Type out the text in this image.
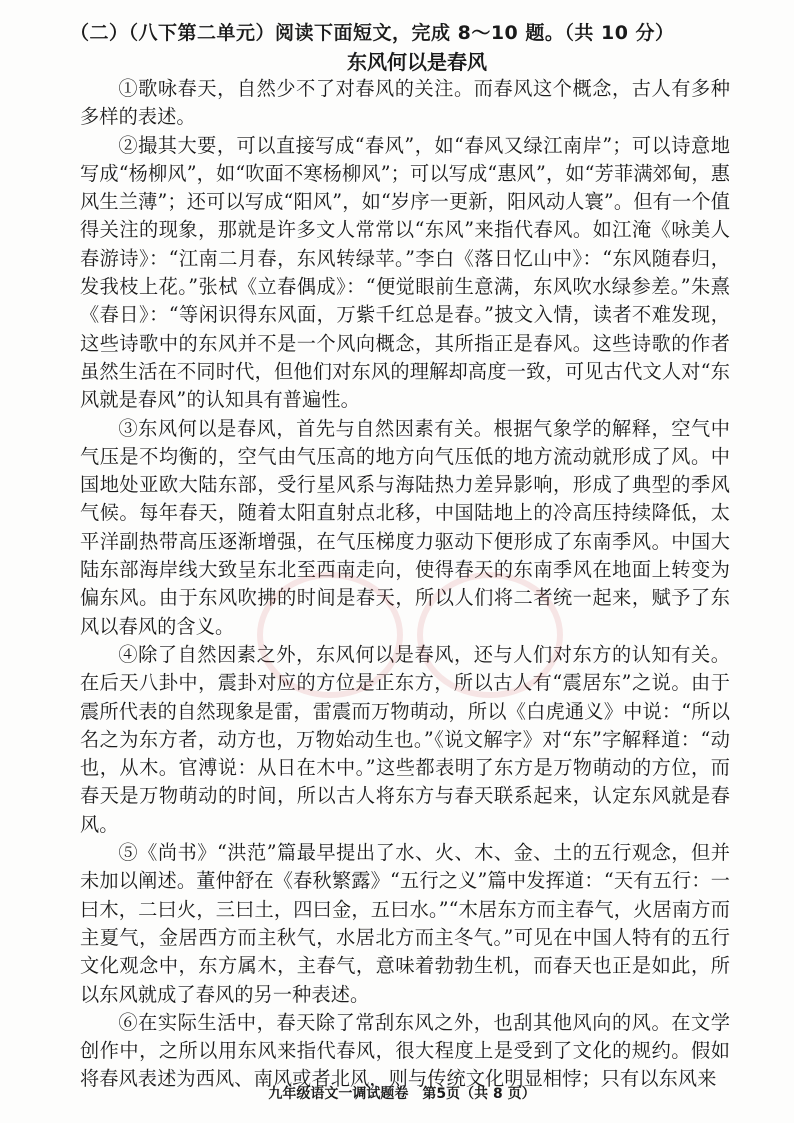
（二）（八下第二单元）阅读下面短文，完成 8～10 题。（共 10 分）
东风何以是春风

①歌咏春天，自然少不了对春风的关注。而春风这个概念，古人有多种多样的表述。

②撮其大要，可以直接写成“春风”，如“春风又绿江南岸”；可以诗意地写成“杨柳风”，如“吹面不寒杨柳风”；可以写成“惠风”，如“芳菲满郊甸，惠风生兰薄”；还可以写成“阳风”，如“岁序一更新，阳风动人寰”。但有一个值得关注的现象，那就是许多文人常常以“东风”来指代春风。如江淹《咏美人春游诗》：“江南二月春，东风转绿苹。”李白《落日忆山中》：“东风随春归，发我枝上花。”张栻《立春偶成》：“便觉眼前生意满，东风吹水绿参差。”朱熹《春日》：“等闲识得东风面，万紫千红总是春。”披文入情，读者不难发现，这些诗歌中的东风并不是一个风向概念，其所指正是春风。这些诗歌的作者虽然生活在不同时代，但他们对东风的理解却高度一致，可见古代文人对“东风就是春风”的认知具有普遍性。

③东风何以是春风，首先与自然因素有关。根据气象学的解释，空气中气压是不均衡的，空气由气压高的地方向气压低的地方流动就形成了风。中国地处亚欧大陆东部，受行星风系与海陆热力差异影响，形成了典型的季风气候。每年春天，随着太阳直射点北移，中国陆地上的冷高压持续降低，太平洋副热带高压逐渐增强，在气压梯度力驱动下便形成了东南季风。中国大陆东部海岸线大致呈东北至西南走向，使得春天的东南季风在地面上转变为偏东风。由于东风吹拂的时间是春天，所以人们将二者统一起来，赋予了东风以春风的含义。

④除了自然因素之外，东风何以是春风，还与人们对东方的认知有关。在后天八卦中，震卦对应的方位是正东方，所以古人有“震居东”之说。由于震所代表的自然现象是雷，雷震而万物萌动，所以《白虎通义》中说：“所以名之为东方者，动方也，万物始动生也。”《说文解字》对“东”字解释道：“动也，从木。官溥说：从日在木中。”这些都表明了东方是万物萌动的方位，而春天是万物萌动的时间，所以古人将东方与春天联系起来，认定东风就是春风。

⑤《尚书》“洪范”篇最早提出了水、火、木、金、土的五行观念，但并未加以阐述。董仲舒在《春秋繁露》“五行之义”篇中发挥道：“天有五行：一曰木，二曰火，三曰土，四曰金，五曰水。”“木居东方而主春气，火居南方而主夏气，金居西方而主秋气，水居北方而主冬气。”可见在中国人特有的五行文化观念中，东方属木，主春气，意味着勃勃生机，而春天也正是如此，所以东风就成了春风的另一种表述。

⑥在实际生活中，春天除了常刮东风之外，也刮其他风向的风。在文学创作中，之所以用东风来指代春风，很大程度上是受到了文化的规约。假如将春风表述为西风、南风或者北风，则与传统文化明显相悖；只有以东风来

九年级语文一调试题卷　第5页（共 8 页）
